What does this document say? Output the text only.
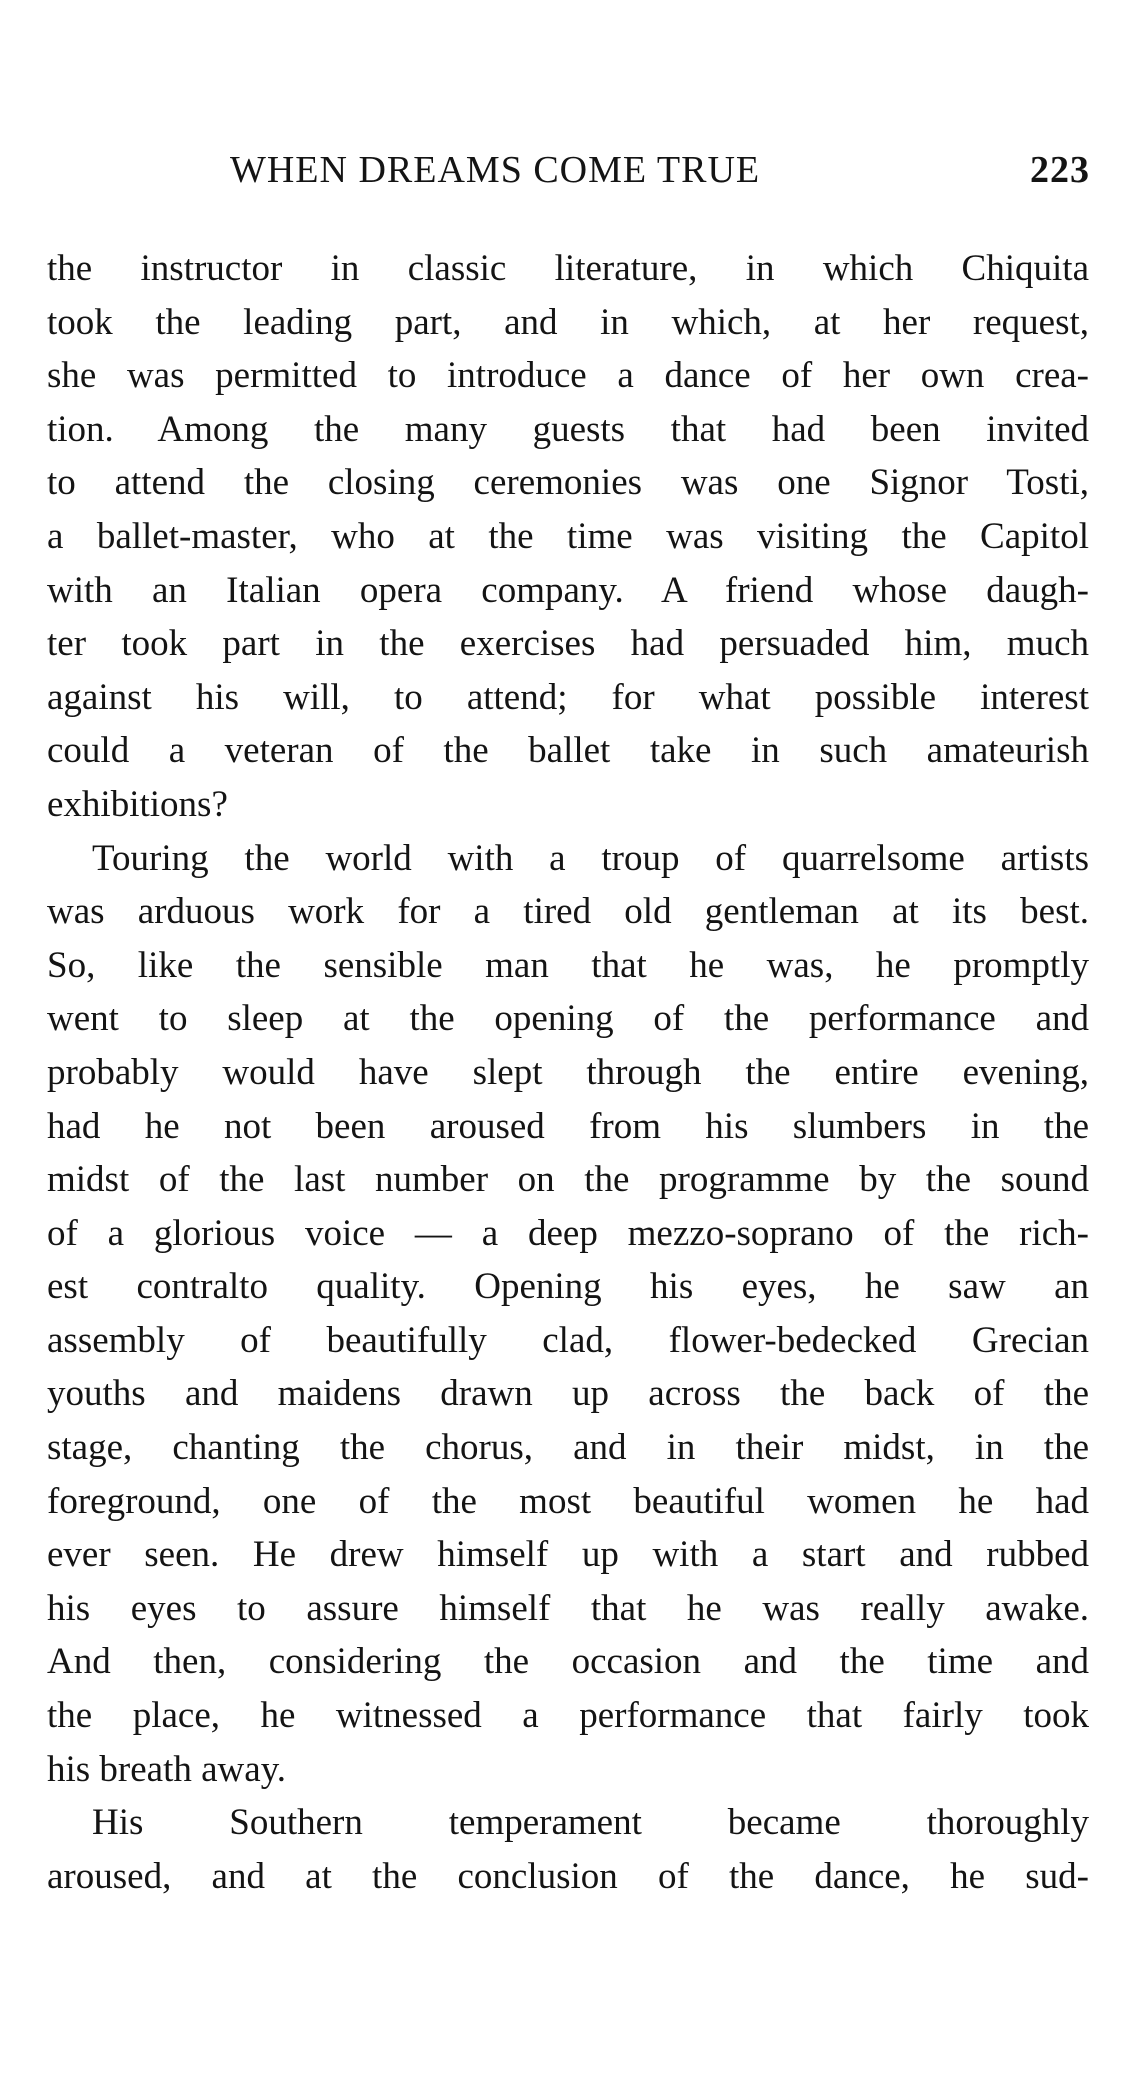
WHEN DREAMS COME TRUE	223
the instructor in classic literature, in which Chiquita
took the leading part, and in which, at her request,
she was permitted to introduce a dance of her own crea-
tion. Among the many guests that had been invited
to attend the closing ceremonies was one Signor Tosti,
a ballet-master, who at the time was visiting the Capitol
with an Italian opera company. A friend whose daugh-
ter took part in the exercises had persuaded him, much
against his will, to attend; for what possible interest
could a veteran of the ballet take in such amateurish
exhibitions?
Touring the world with a troup of quarrelsome artists
was arduous work for a tired old gentleman at its best.
So, like the sensible man that he was, he promptly
went to sleep at the opening of the performance and
probably would have slept through the entire evening,
had he not been aroused from his slumbers in the
midst of the last number on the programme by the sound
of a glorious voice — a deep mezzo-soprano of the rich-
est contralto quality. Opening his eyes, he saw an
assembly of beautifully clad, flower-bedecked Grecian
youths and maidens drawn up across the back of the
stage, chanting the chorus, and in their midst, in the
foreground, one of the most beautiful women he had
ever seen. He drew himself up with a start and rubbed
his eyes to assure himself that he was really awake.
And then, considering the occasion and the time and
the place, he witnessed a performance that fairly took
his breath away.
His Southern temperament became thoroughly
aroused, and at the conclusion of the dance, he sud-
